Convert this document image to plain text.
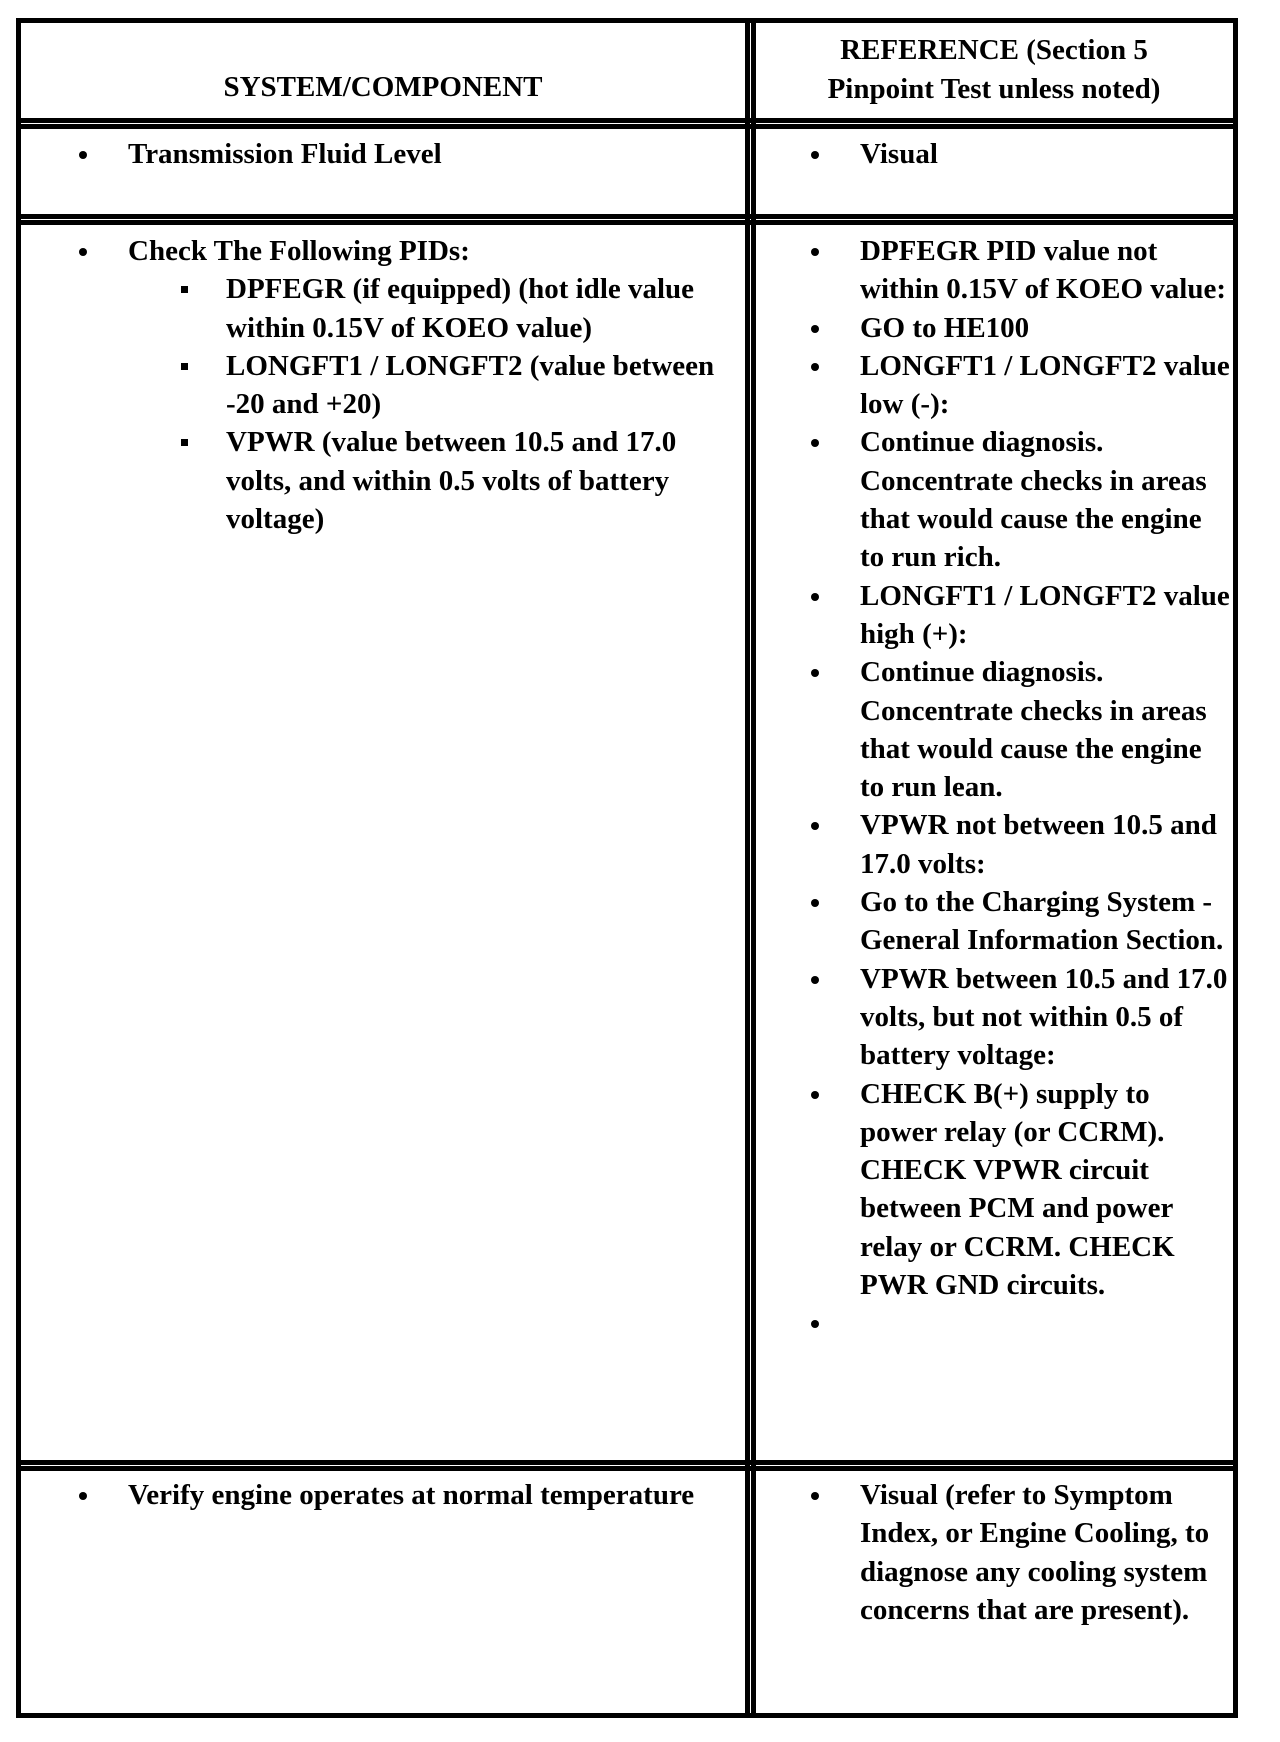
SYSTEM/COMPONENT
REFERENCE (Section 5
Pinpoint Test unless noted)
Transmission Fluid Level	Visual
Check The Following PIDs:
DPFEGR (if equipped) (hot idle value within 0.15V of KOEO value)
LONGFT1 / LONGFT2 (value between -20 and +20)
VPWR (value between 10.5 and 17.0 volts, and within 0.5 volts of battery voltage)
DPFEGR PID value not within 0.15V of KOEO value:
GO to HE100
LONGFT1 / LONGFT2 value low (-):
Continue diagnosis. Concentrate checks in areas that would cause the engine to run rich.
LONGFT1 / LONGFT2 value high (+):
Continue diagnosis. Concentrate checks in areas that would cause the engine to run lean.
VPWR not between 10.5 and 17.0 volts:
Go to the Charging System - General Information Section.
VPWR between 10.5 and 17.0 volts, but not within 0.5 of battery voltage:
CHECK B(+) supply to power relay (or CCRM). CHECK VPWR circuit between PCM and power relay or CCRM. CHECK PWR GND circuits.
Verify engine operates at normal temperature	Visual (refer to Symptom Index, or Engine Cooling, to diagnose any cooling system concerns that are present).
